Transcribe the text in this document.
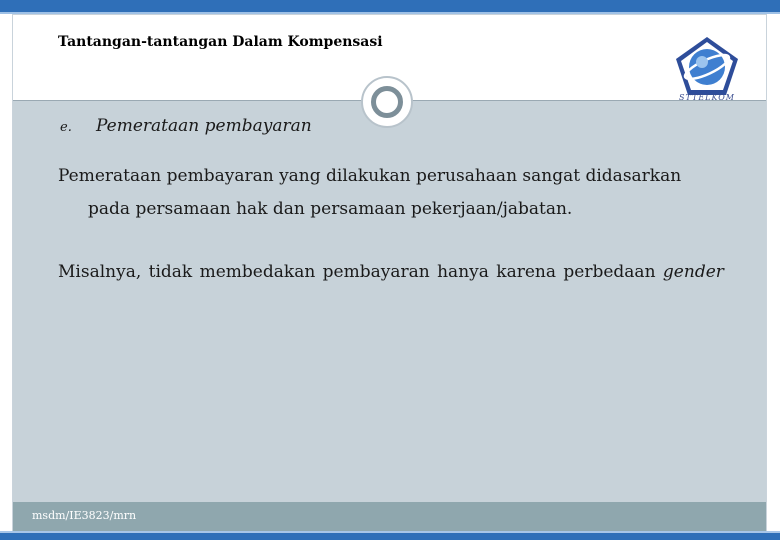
Tantangan-tantangan Dalam Kompensasi
STTELKOM
e. Pemerataan pembayaran
Pemerataan pembayaran yang dilakukan perusahaan sangat didasarkan
pada persamaan hak dan persamaan pekerjaan/jabatan.
Misalnya, tidak membedakan pembayaran hanya karena perbedaan gender
msdm/IE3823/mrn
